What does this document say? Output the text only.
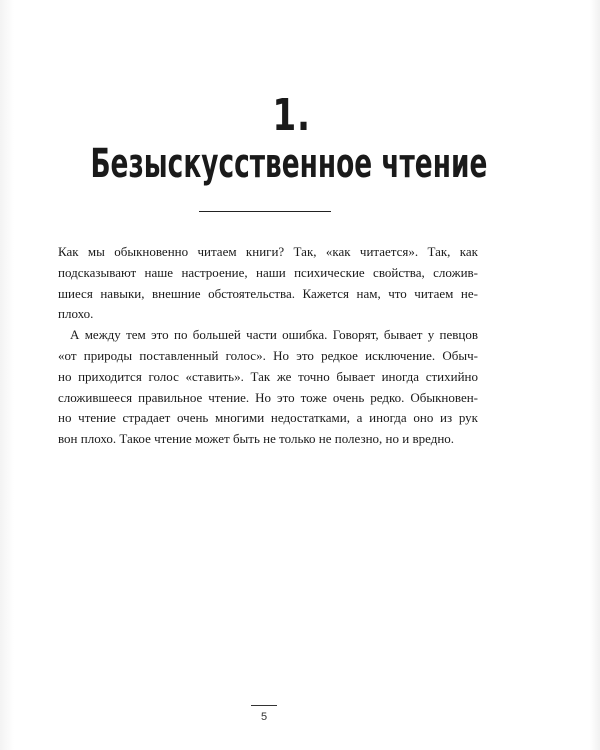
1.
Безыскусственное чтение
Как мы обыкновенно читаем книги? Так, «как читается». Так, как
подсказывают наше настроение, наши психические свойства, сложив-
шиеся навыки, внешние обстоятельства. Кажется нам, что читаем не-
плохо.
А между тем это по большей части ошибка. Говорят, бывает у певцов
«от природы поставленный голос». Но это редкое исключение. Обыч-
но приходится голос «ставить». Так же точно бывает иногда стихийно
сложившееся правильное чтение. Но это тоже очень редко. Обыкновен-
но чтение страдает очень многими недостатками, а иногда оно из рук
вон плохо. Такое чтение может быть не только не полезно, но и вредно.
5
